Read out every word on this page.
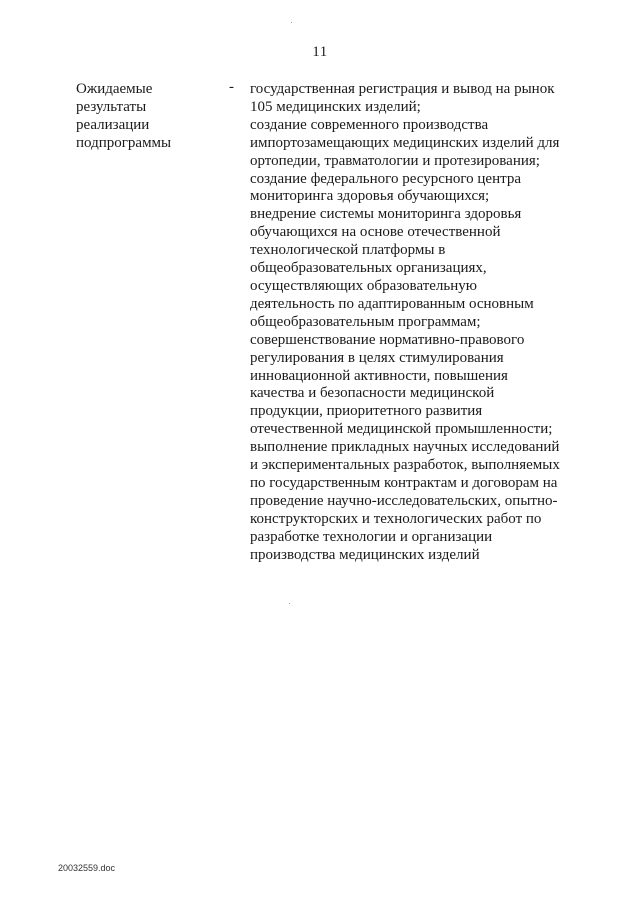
11
Ожидаемые
результаты
реализации
подпрограммы
- государственная регистрация и вывод на рынок
105 медицинских изделий;
создание современного производства
импортозамещающих медицинских изделий для
ортопедии, травматологии и протезирования;
создание федерального ресурсного центра
мониторинга здоровья обучающихся;
внедрение системы мониторинга здоровья
обучающихся на основе отечественной
технологической платформы в
общеобразовательных организациях,
осуществляющих образовательную
деятельность по адаптированным основным
общеобразовательным программам;
совершенствование нормативно-правового
регулирования в целях стимулирования
инновационной активности, повышения
качества и безопасности медицинской
продукции, приоритетного развития
отечественной медицинской промышленности;
выполнение прикладных научных исследований
и экспериментальных разработок, выполняемых
по государственным контрактам и договорам на
проведение научно-исследовательских, опытно-
конструкторских и технологических работ по
разработке технологии и организации
производства медицинских изделий
20032559.doc
